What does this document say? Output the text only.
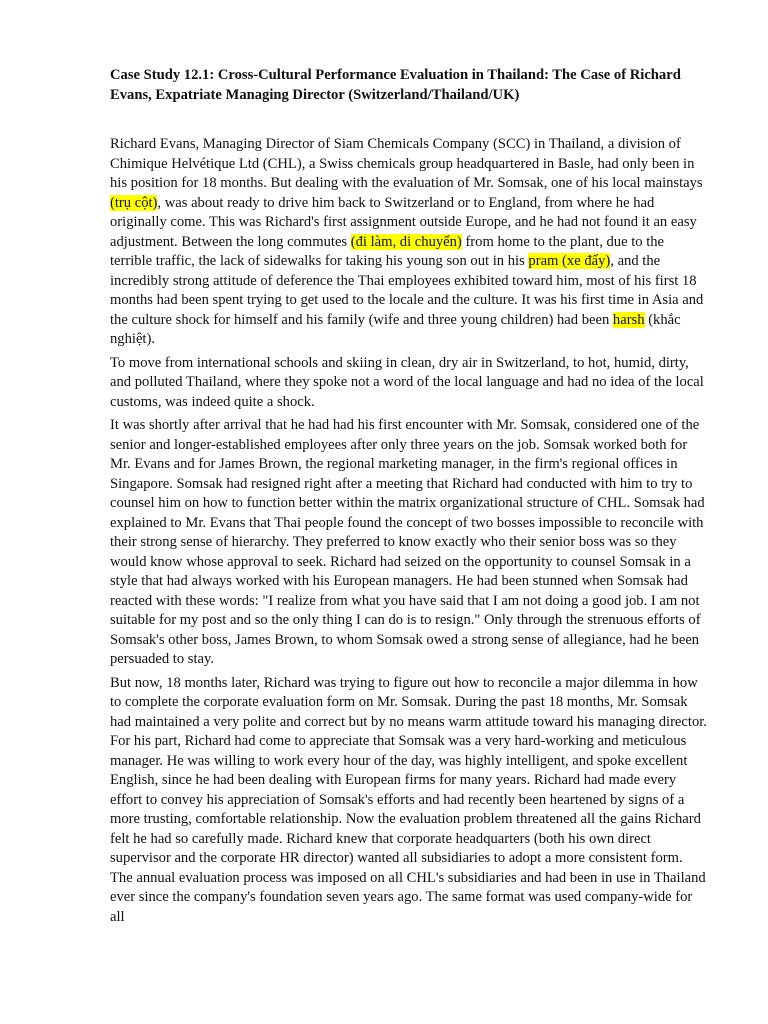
Case Study 12.1: Cross-Cultural Performance Evaluation in Thailand: The Case of Richard Evans, Expatriate Managing Director (Switzerland/Thailand/UK)

Richard Evans, Managing Director of Siam Chemicals Company (SCC) in Thailand, a division of Chimique Helvétique Ltd (CHL), a Swiss chemicals group headquartered in Basle, had only been in his position for 18 months. But dealing with the evaluation of Mr. Somsak, one of his local mainstays (trụ cột), was about ready to drive him back to Switzerland or to England, from where he had originally come. This was Richard's first assignment outside Europe, and he had not found it an easy adjustment. Between the long commutes (đi làm, di chuyển) from home to the plant, due to the terrible traffic, the lack of sidewalks for taking his young son out in his pram (xe đẩy), and the incredibly strong attitude of deference the Thai employees exhibited toward him, most of his first 18 months had been spent trying to get used to the locale and the culture. It was his first time in Asia and the culture shock for himself and his family (wife and three young children) had been harsh (khắc nghiệt).

To move from international schools and skiing in clean, dry air in Switzerland, to hot, humid, dirty, and polluted Thailand, where they spoke not a word of the local language and had no idea of the local customs, was indeed quite a shock.

It was shortly after arrival that he had had his first encounter with Mr. Somsak, considered one of the senior and longer-established employees after only three years on the job. Somsak worked both for Mr. Evans and for James Brown, the regional marketing manager, in the firm's regional offices in Singapore. Somsak had resigned right after a meeting that Richard had conducted with him to try to counsel him on how to function better within the matrix organizational structure of CHL. Somsak had explained to Mr. Evans that Thai people found the concept of two bosses impossible to reconcile with their strong sense of hierarchy. They preferred to know exactly who their senior boss was so they would know whose approval to seek. Richard had seized on the opportunity to counsel Somsak in a style that had always worked with his European managers. He had been stunned when Somsak had reacted with these words: "I realize from what you have said that I am not doing a good job. I am not suitable for my post and so the only thing I can do is to resign." Only through the strenuous efforts of Somsak's other boss, James Brown, to whom Somsak owed a strong sense of allegiance, had he been persuaded to stay.

But now, 18 months later, Richard was trying to figure out how to reconcile a major dilemma in how to complete the corporate evaluation form on Mr. Somsak. During the past 18 months, Mr. Somsak had maintained a very polite and correct but by no means warm attitude toward his managing director. For his part, Richard had come to appreciate that Somsak was a very hard-working and meticulous manager. He was willing to work every hour of the day, was highly intelligent, and spoke excellent English, since he had been dealing with European firms for many years. Richard had made every effort to convey his appreciation of Somsak's efforts and had recently been heartened by signs of a more trusting, comfortable relationship. Now the evaluation problem threatened all the gains Richard felt he had so carefully made. Richard knew that corporate headquarters (both his own direct supervisor and the corporate HR director) wanted all subsidiaries to adopt a more consistent form. The annual evaluation process was imposed on all CHL's subsidiaries and had been in use in Thailand ever since the company's foundation seven years ago. The same format was used company-wide for all
